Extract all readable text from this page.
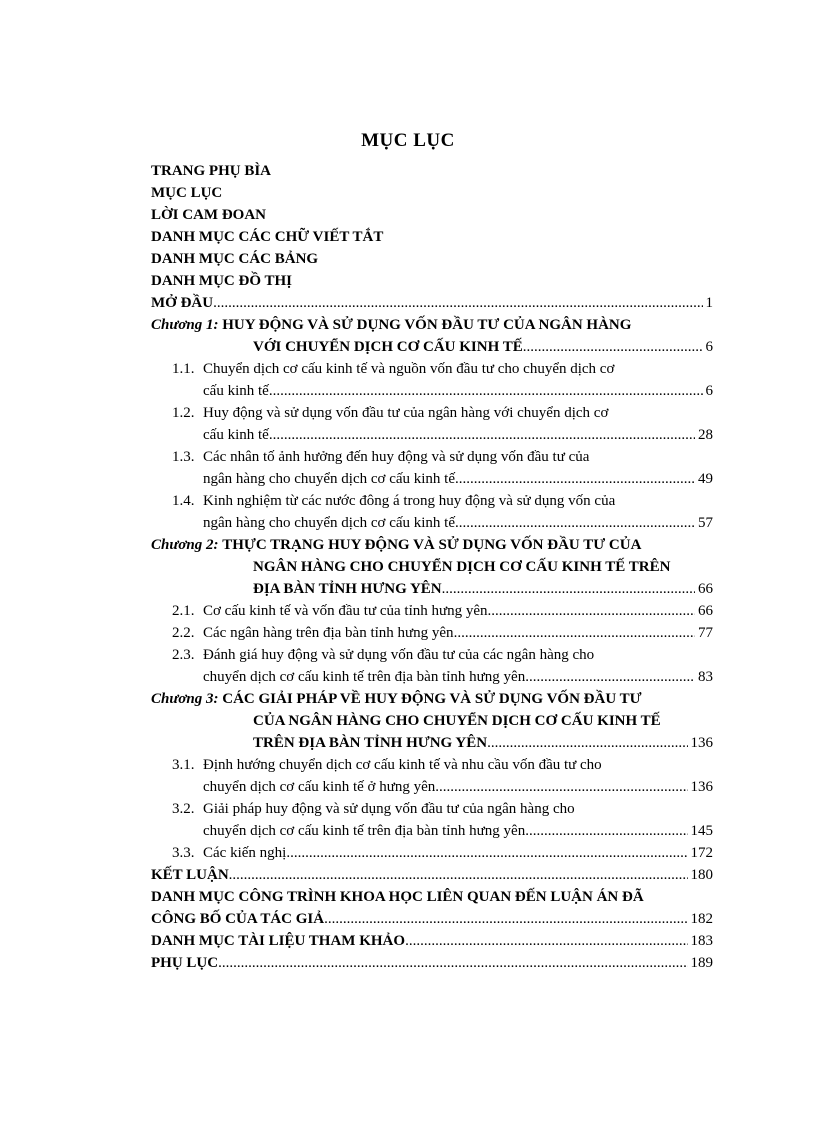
MỤC LỤC
TRANG PHỤ BÌA
MỤC LỤC
LỜI CAM ĐOAN
DANH MỤC CÁC CHỮ VIẾT TẮT
DANH MỤC CÁC BẢNG
DANH MỤC ĐỒ THỊ
MỞ ĐẦU .....	1
Chương 1: HUY ĐỘNG VÀ SỬ DỤNG VỐN ĐẦU TƯ CỦA NGÂN HÀNG
VỚI CHUYỂN DỊCH CƠ CẤU KINH TẾ .....	6
1.1. Chuyển dịch cơ cấu kinh tế và nguồn vốn đầu tư cho chuyển dịch cơ
cấu kinh tế .....	6
1.2. Huy động và sử dụng vốn đầu tư của ngân hàng với chuyển dịch cơ
cấu kinh tế .....	28
1.3. Các nhân tố ảnh hưởng đến huy động và sử dụng vốn đầu tư của
ngân hàng cho chuyển dịch cơ cấu kinh tế .....	49
1.4. Kinh nghiệm từ các nước đông á trong huy động và sử dụng vốn của
ngân hàng cho chuyển dịch cơ cấu kinh tế .....	57
Chương 2: THỰC TRẠNG HUY ĐỘNG VÀ SỬ DỤNG VỐN ĐẦU TƯ CỦA
NGÂN HÀNG CHO CHUYỂN DỊCH CƠ CẤU KINH TẾ TRÊN
ĐỊA BÀN TỈNH HƯNG YÊN .....	66
2.1. Cơ cấu kinh tế và vốn đầu tư của tỉnh hưng yên. .....	66
2.2. Các ngân hàng trên địa bàn tỉnh hưng yên .....	77
2.3. Đánh giá huy động và sử dụng vốn đầu tư của các ngân hàng cho
chuyển dịch cơ cấu kinh tế trên địa bàn tỉnh hưng yên .....	83
Chương 3: CÁC GIẢI PHÁP VỀ HUY ĐỘNG VÀ SỬ DỤNG VỐN ĐẦU TƯ
CỦA NGÂN HÀNG CHO CHUYỂN DỊCH CƠ CẤU KINH TẾ
TRÊN ĐỊA BÀN TỈNH HƯNG YÊN .....	136
3.1. Định hướng chuyển dịch cơ cấu kinh tế và nhu cầu vốn đầu tư cho
chuyển dịch cơ cấu kinh tế ở hưng yên .....	136
3.2. Giải pháp huy động và sử dụng vốn đầu tư của ngân hàng cho
chuyển dịch cơ cấu kinh tế trên địa bàn tỉnh hưng yên .....	145
3.3. Các kiến nghị .....	172
KẾT LUẬN .....	180
DANH MỤC CÔNG TRÌNH KHOA HỌC LIÊN QUAN ĐẾN LUẬN ÁN ĐÃ
CÔNG BỐ CỦA TÁC GIẢ .....	182
DANH MỤC TÀI LIỆU THAM KHẢO .....	183
PHỤ LỤC .....	189
